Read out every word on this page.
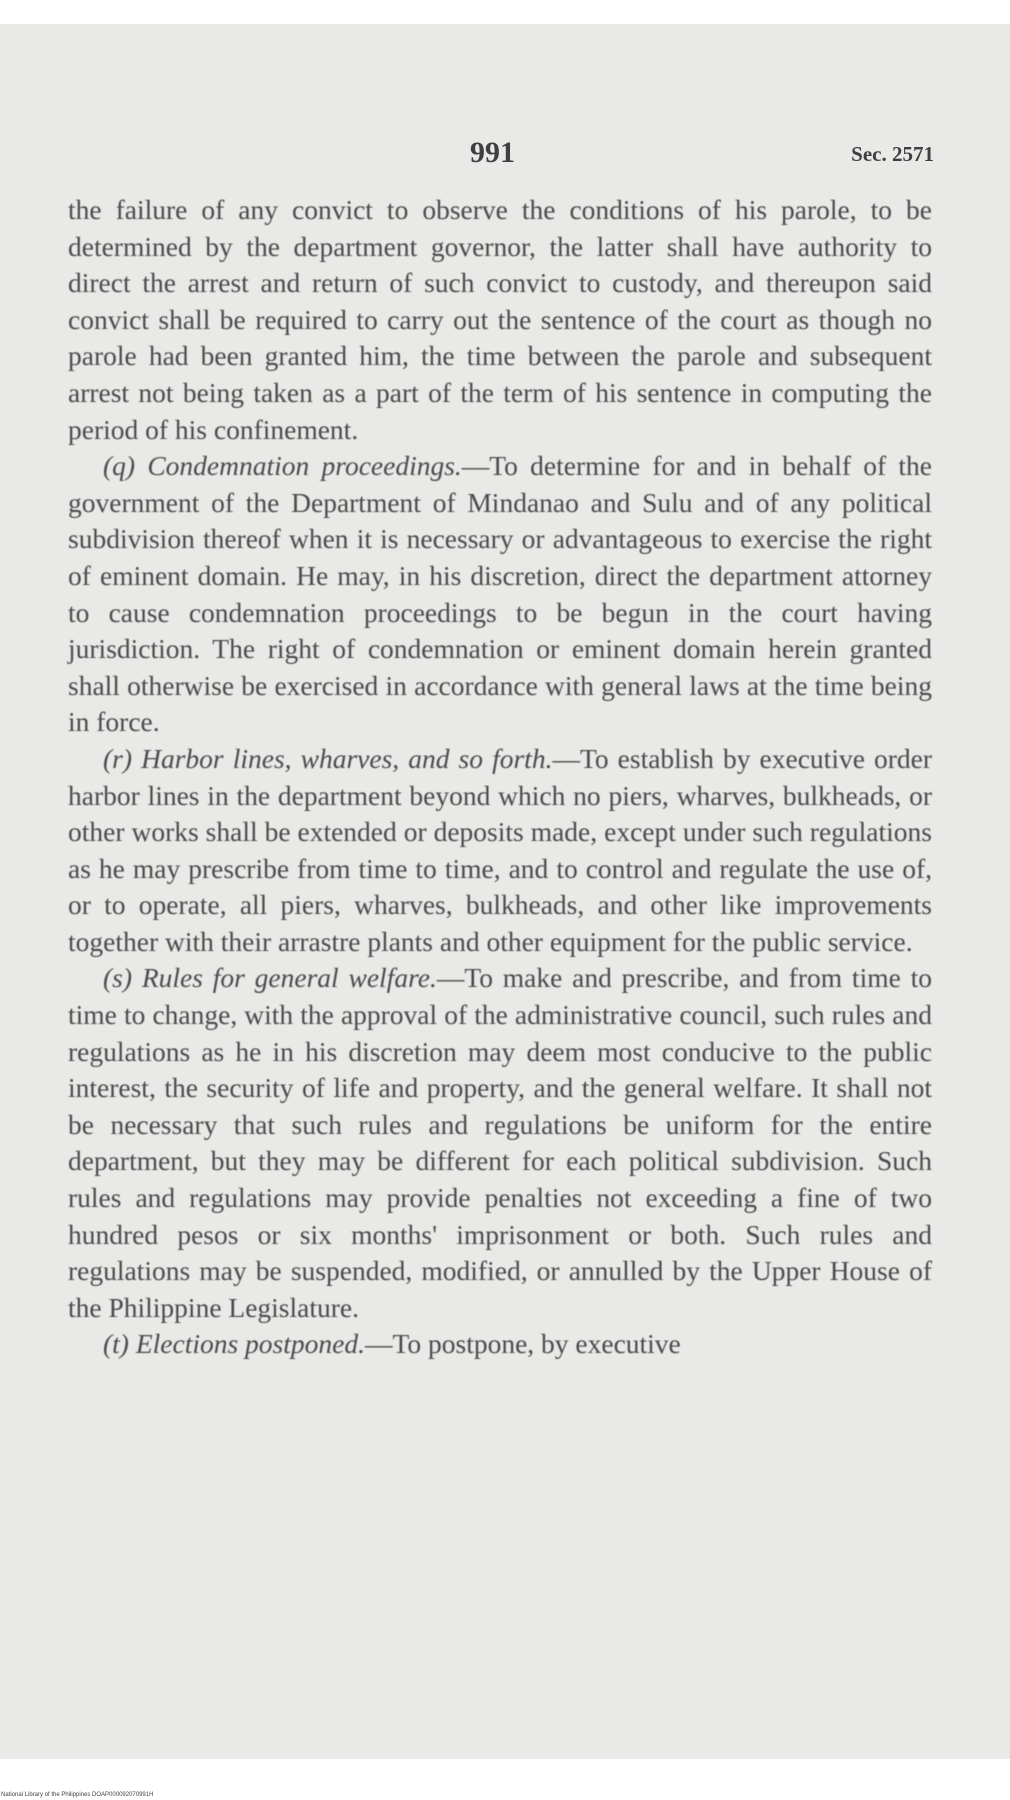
991	Sec. 2571

the failure of any convict to observe the conditions of his parole, to be determined by the department governor, the latter shall have authority to direct the arrest and return of such convict to custody, and thereupon said convict shall be required to carry out the sentence of the court as though no parole had been granted him, the time between the parole and subsequent arrest not being taken as a part of the term of his sentence in computing the period of his confinement.

(q) Condemnation proceedings.—To determine for and in behalf of the government of the Department of Mindanao and Sulu and of any political subdivision thereof when it is necessary or advantageous to exercise the right of eminent domain. He may, in his discretion, direct the department attorney to cause condemnation proceedings to be begun in the court having jurisdiction. The right of condemnation or eminent domain herein granted shall otherwise be exercised in accordance with general laws at the time being in force.

(r) Harbor lines, wharves, and so forth.—To establish by executive order harbor lines in the department beyond which no piers, wharves, bulkheads, or other works shall be extended or deposits made, except under such regulations as he may prescribe from time to time, and to control and regulate the use of, or to operate, all piers, wharves, bulkheads, and other like improvements together with their arrastre plants and other equipment for the public service.

(s) Rules for general welfare.—To make and prescribe, and from time to time to change, with the approval of the administrative council, such rules and regulations as he in his discretion may deem most conducive to the public interest, the security of life and property, and the general welfare. It shall not be necessary that such rules and regulations be uniform for the entire department, but they may be different for each political subdivision. Such rules and regulations may provide penalties not exceeding a fine of two hundred pesos or six months' imprisonment or both. Such rules and regulations may be suspended, modified, or annulled by the Upper House of the Philippine Legislature.

(t) Elections postponed.—To postpone, by executive

National Library of the Philippines DOAP000092070991H
